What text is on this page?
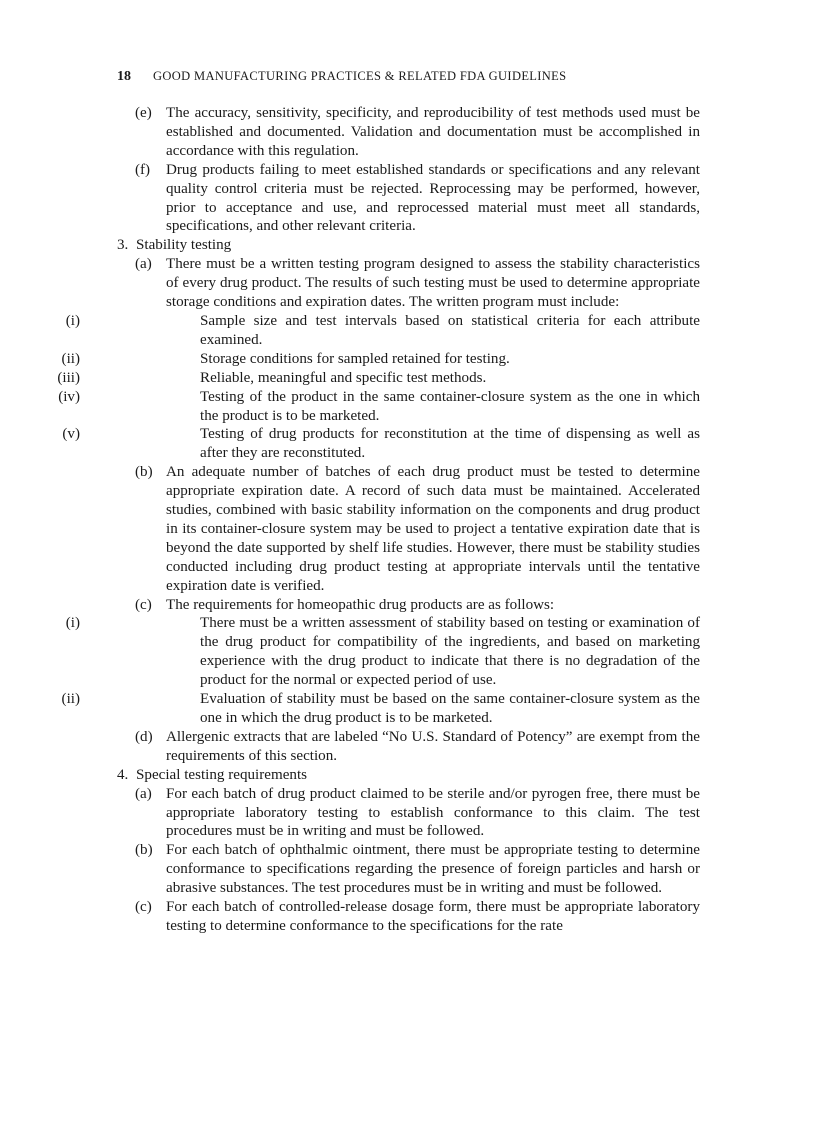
18 GOOD MANUFACTURING PRACTICES & RELATED FDA GUIDELINES
(e) The accuracy, sensitivity, specificity, and reproducibility of test methods used must be established and documented. Validation and documentation must be accomplished in accordance with this regulation.
(f) Drug products failing to meet established standards or specifications and any relevant quality control criteria must be rejected. Reprocessing may be performed, however, prior to acceptance and use, and reprocessed material must meet all standards, specifications, and other relevant criteria.
3. Stability testing
(a) There must be a written testing program designed to assess the stability characteristics of every drug product. The results of such testing must be used to determine appropriate storage conditions and expiration dates. The written program must include:
(i)	Sample size and test intervals based on statistical criteria for each attribute examined.
(ii)	Storage conditions for sampled retained for testing.
(iii)	Reliable, meaningful and specific test methods.
(iv)	Testing of the product in the same container-closure system as the one in which the product is to be marketed.
(v)	Testing of drug products for reconstitution at the time of dispensing as well as after they are reconstituted.
(b) An adequate number of batches of each drug product must be tested to determine appropriate expiration date. A record of such data must be maintained. Accelerated studies, combined with basic stability information on the components and drug product in its container-closure system may be used to project a tentative expiration date that is beyond the date supported by shelf life studies. However, there must be stability studies conducted including drug product testing at appropriate intervals until the tentative expiration date is verified.
(c) The requirements for homeopathic drug products are as follows:
(i)	There must be a written assessment of stability based on testing or examination of the drug product for compatibility of the ingredients, and based on marketing experience with the drug product to indicate that there is no degradation of the product for the normal or expected period of use.
(ii)	Evaluation of stability must be based on the same container-closure system as the one in which the drug product is to be marketed.
(d) Allergenic extracts that are labeled “No U.S. Standard of Potency” are exempt from the requirements of this section.
4. Special testing requirements
(a) For each batch of drug product claimed to be sterile and/or pyrogen free, there must be appropriate laboratory testing to establish conformance to this claim. The test procedures must be in writing and must be followed.
(b) For each batch of ophthalmic ointment, there must be appropriate testing to determine conformance to specifications regarding the presence of foreign particles and harsh or abrasive substances. The test procedures must be in writing and must be followed.
(c) For each batch of controlled-release dosage form, there must be appropriate laboratory testing to determine conformance to the specifications for the rate
